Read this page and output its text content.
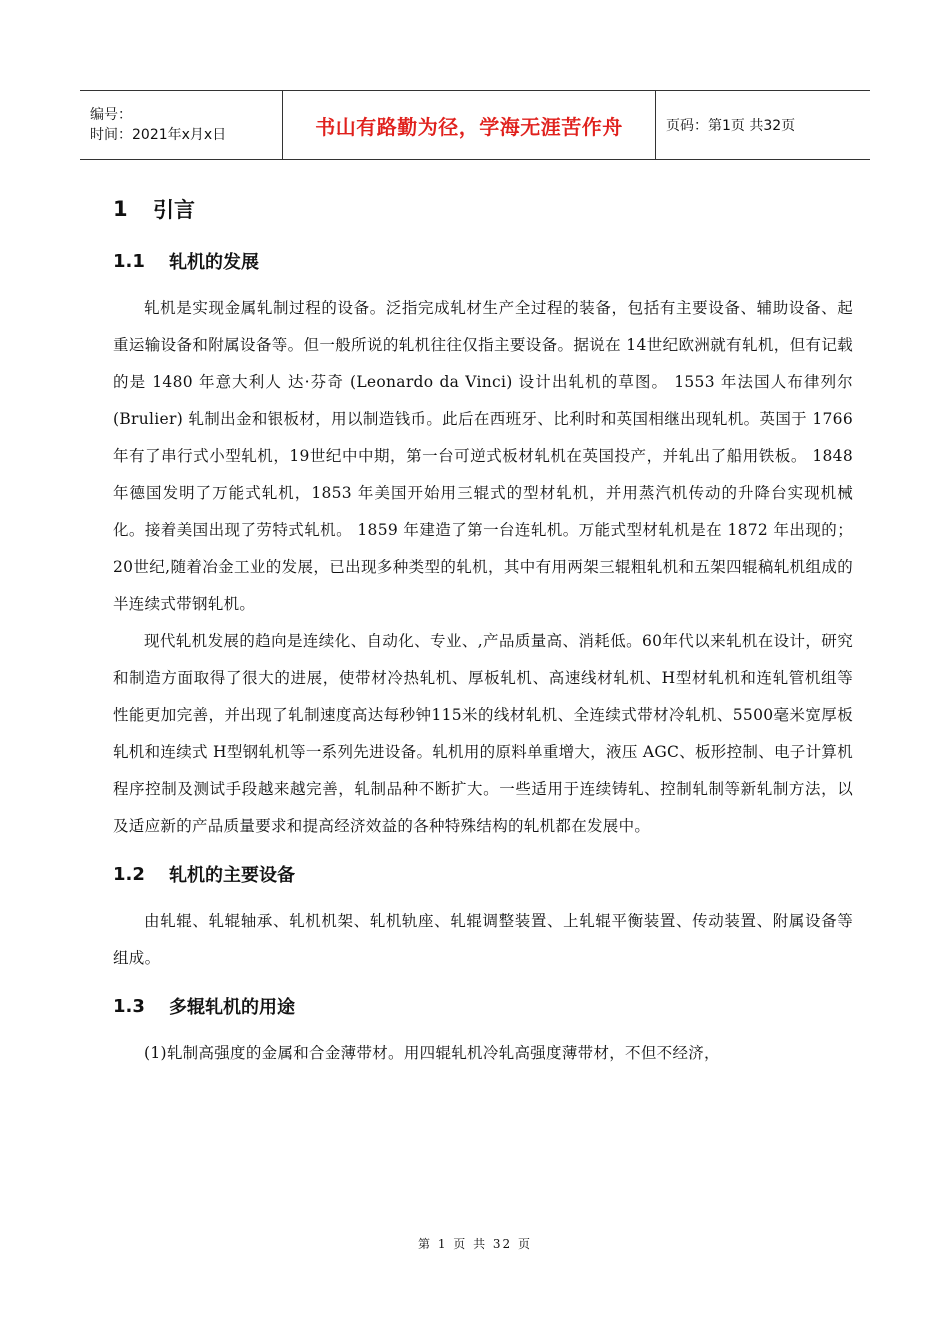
编号：
时间：2021年x月x日	书山有路勤为径，学海无涯苦作舟	页码：第1页 共32页
1	引言
1.1	轧机的发展

轧机是实现金属轧制过程的设备。泛指完成轧材生产全过程的装备，包括有主要设备、辅助设备、起重运输设备和附属设备等。但一般所说的轧机往往仅指主要设备。据说在 14世纪欧洲就有轧机，但有记载的是 1480 年意大利人 达·芬奇 (Leonardo da Vinci) 设计出轧机的草图。 1553 年法国人布律列尔 (Brulier) 轧制出金和银板材，用以制造钱币。此后在西班牙、比利时和英国相继出现轧机。英国于 1766 年有了串行式小型轧机，19世纪中中期，第一台可逆式板材轧机在英国投产，并轧出了船用铁板。 1848 年德国发明了万能式轧机，1853 年美国开始用三辊式的型材轧机，并用蒸汽机传动的升降台实现机械化。接着美国出现了劳特式轧机。 1859 年建造了第一台连轧机。万能式型材轧机是在 1872 年出现的；20世纪,随着冶金工业的发展，已出现多种类型的轧机，其中有用两架三辊粗轧机和五架四辊稿轧机组成的半连续式带钢轧机。

现代轧机发展的趋向是连续化、自动化、专业、,产品质量高、消耗低。60年代以来轧机在设计，研究和制造方面取得了很大的进展，使带材冷热轧机、厚板轧机、高速线材轧机、H型材轧机和连轧管机组等性能更加完善，并出现了轧制速度高达每秒钟115米的线材轧机、全连续式带材冷轧机、5500毫米宽厚板轧机和连续式 H型钢轧机等一系列先进设备。轧机用的原料单重增大，液压 AGC、板形控制、电子计算机程序控制及测试手段越来越完善，轧制品种不断扩大。一些适用于连续铸轧、控制轧制等新轧制方法，以及适应新的产品质量要求和提高经济效益的各种特殊结构的轧机都在发展中。

1.2	轧机的主要设备

由轧辊、轧辊轴承、轧机机架、轧机轨座、轧辊调整装置、上轧辊平衡装置、传动装置、附属设备等组成。

1.3	多辊轧机的用途

(1)轧制高强度的金属和合金薄带材。用四辊轧机冷轧高强度薄带材，不但不经济，

第 1 页 共 32 页
